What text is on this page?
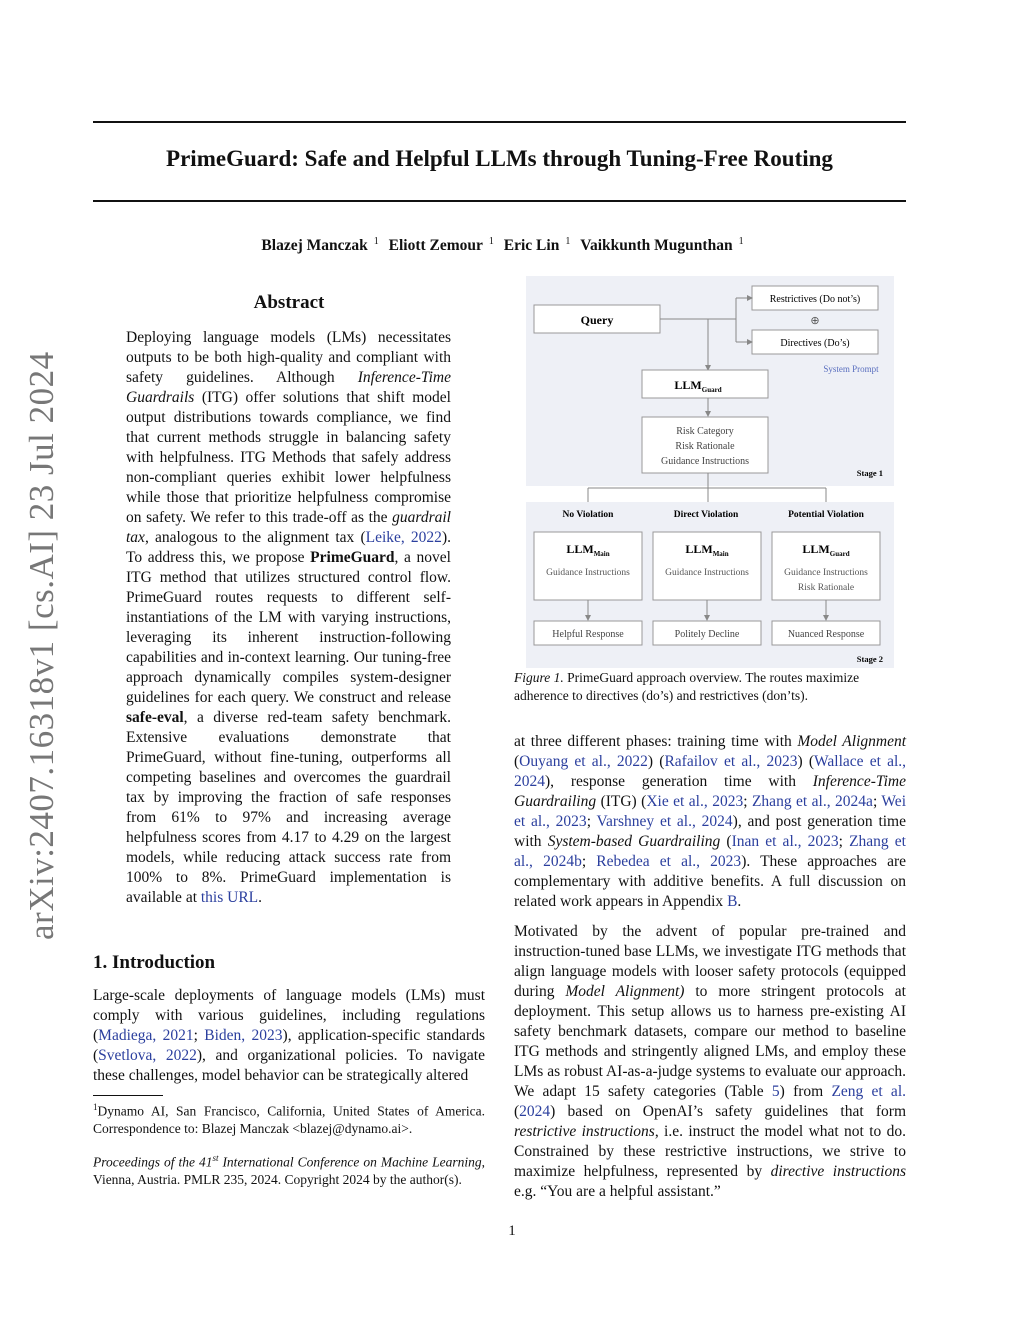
PrimeGuard: Safe and Helpful LLMs through Tuning-Free Routing
Blazej Manczak $^1$ Eliott Zemour $^1$ Eric Lin $^1$ Vaikkunth Mugunthan $^1$
arXiv:2407.16318v1 [cs.AI] 23 Jul 2024
Abstract

Deploying language models (LMs) necessitates outputs to be both high-quality and compliant with safety guidelines. Although Inference-Time Guardrails (ITG) offer solutions that shift model output distributions towards compliance, we find that current methods struggle in balancing safety with helpfulness. ITG Methods that safely address non-compliant queries exhibit lower helpfulness while those that prioritize helpfulness compromise on safety. We refer to this trade-off as the guardrail tax, analogous to the alignment tax (Leike, 2022). To address this, we propose PrimeGuard, a novel ITG method that utilizes structured control flow. PrimeGuard routes requests to different self-instantiations of the LM with varying instructions, leveraging its inherent instruction-following capabilities and in-context learning. Our tuning-free approach dynamically compiles system-designer guidelines for each query. We construct and release safe-eval, a diverse red-team safety benchmark. Extensive evaluations demonstrate that PrimeGuard, without fine-tuning, outperforms all competing baselines and overcomes the guardrail tax by improving the fraction of safe responses from 61% to 97% and increasing average helpfulness scores from 4.17 to 4.29 on the largest models, while reducing attack success rate from 100% to 8%. PrimeGuard implementation is available at this URL.

1. Introduction

Large-scale deployments of language models (LMs) must comply with various guidelines, including regulations (Madiega, 2021; Biden, 2023), application-specific standards (Svetlova, 2022), and organizational policies. To navigate these challenges, model behavior can be strategically altered

$^1$Dynamo AI, San Francisco, California, United States of America. Correspondence to: Blazej Manczak <blazej@dynamo.ai>.

Proceedings of the 41st International Conference on Machine Learning, Vienna, Austria. PMLR 235, 2024. Copyright 2024 by the author(s).

Query
Restrictives (Do not’s)
⊕
Directives (Do’s)
System Prompt
$LLM_{Guard}$
Risk Category
Risk Rationale
Guidance Instructions
Stage 1
No Violation	Direct Violation	Potential Violation
$LLM_{Main}$
Guidance Instructions
$LLM_{Main}$
Guidance Instructions
$LLM_{Guard}$
Guidance Instructions
Risk Rationale
Helpful Response	Politely Decline	Nuanced Response
Stage 2

Figure 1. PrimeGuard approach overview. The routes maximize adherence to directives (do’s) and restrictives (don’ts).

at three different phases: training time with Model Alignment (Ouyang et al., 2022) (Rafailov et al., 2023) (Wallace et al., 2024), response generation time with Inference-Time Guardrailing (ITG) (Xie et al., 2023; Zhang et al., 2024a; Wei et al., 2023; Varshney et al., 2024), and post generation time with System-based Guardrailing (Inan et al., 2023; Zhang et al., 2024b; Rebedea et al., 2023). These approaches are complementary with additive benefits. A full discussion on related work appears in Appendix B.

Motivated by the advent of popular pre-trained and instruction-tuned base LLMs, we investigate ITG methods that align language models with looser safety protocols (equipped during Model Alignment) to more stringent protocols at deployment. This setup allows us to harness pre-existing AI safety benchmark datasets, compare our method to baseline ITG methods and stringently aligned LMs, and employ these LMs as robust AI-as-a-judge systems to evaluate our approach. We adapt 15 safety categories (Table 5) from Zeng et al. (2024) based on OpenAI’s safety guidelines that form restrictive instructions, i.e. instruct the model what not to do. Constrained by these restrictive instructions, we strive to maximize helpfulness, represented by directive instructions e.g. “You are a helpful assistant.”

1
